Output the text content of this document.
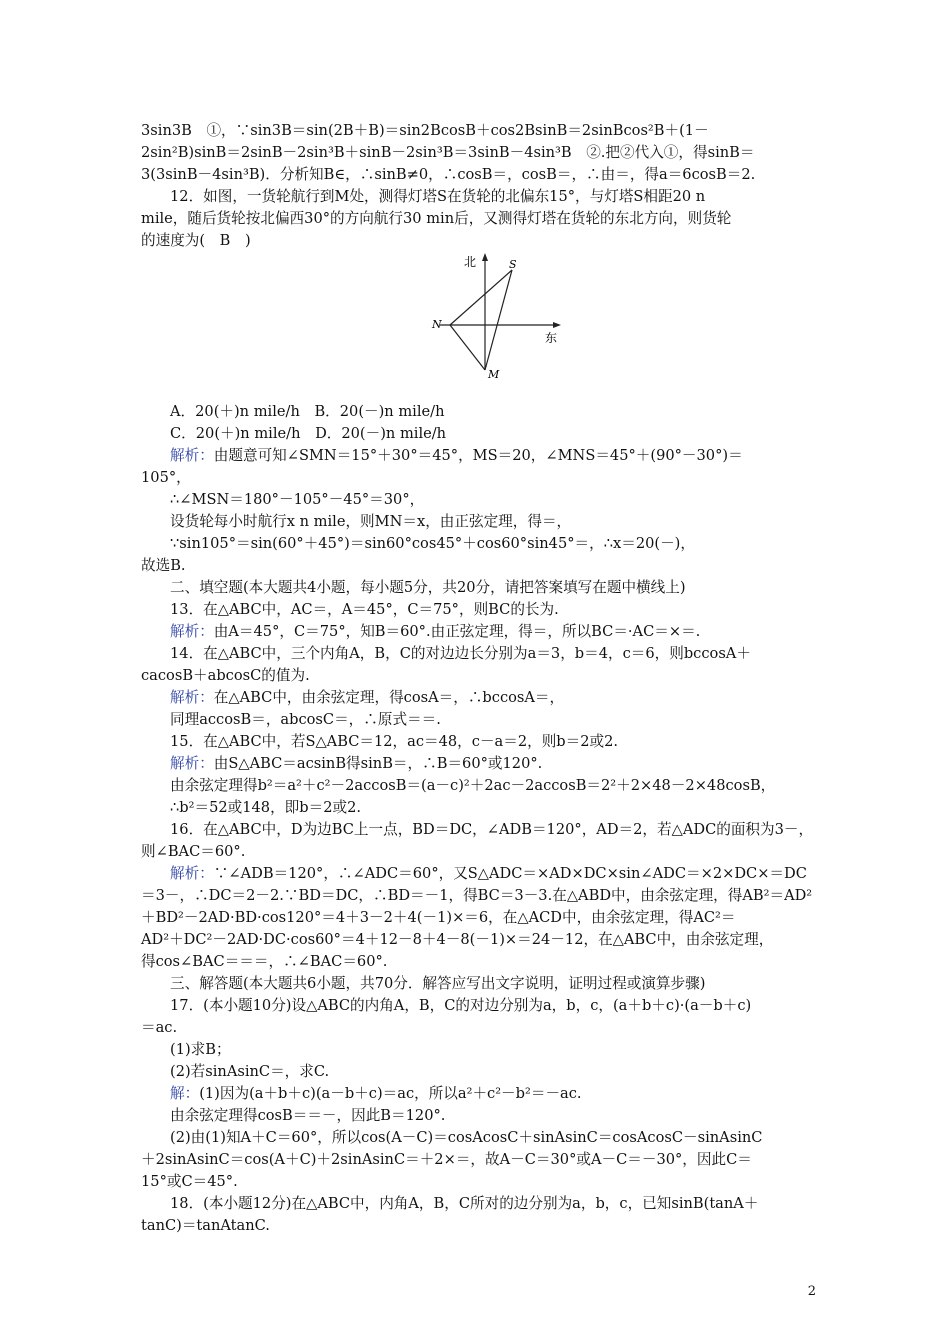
3sin3B　①，∵sin3B＝sin(2B＋B)＝sin2BcosB＋cos2BsinB＝2sinBcos²B＋(1－
2sin²B)sinB＝2sinB－2sin³B＋sinB－2sin³B＝3sinB－4sin³B　②.把②代入①，得sinB＝
3(3sinB－4sin³B)．分析知B∈，∴sinB≠0，∴cosB＝，cosB＝，∴由＝，得a＝6cosB＝2.
12．如图，一货轮航行到M处，测得灯塔S在货轮的北偏东15°，与灯塔S相距20 n
mile，随后货轮按北偏西30°的方向航行30 min后，又测得灯塔在货轮的东北方向，则货轮
的速度为(　B　)
A．20(＋)n mile/h　B．20(－)n mile/h
C．20(＋)n mile/h　D．20(－)n mile/h
解析：由题意可知∠SMN＝15°＋30°＝45°，MS＝20，∠MNS＝45°＋(90°－30°)＝
105°，
∴∠MSN＝180°－105°－45°＝30°，
设货轮每小时航行x n mile，则MN＝x，由正弦定理，得＝，
∵sin105°＝sin(60°＋45°)＝sin60°cos45°＋cos60°sin45°＝，∴x＝20(－)，
故选B.
二、填空题(本大题共4小题，每小题5分，共20分，请把答案填写在题中横线上)
13．在△ABC中，AC＝，A＝45°，C＝75°，则BC的长为.
解析：由A＝45°，C＝75°，知B＝60°.由正弦定理，得＝，所以BC＝·AC＝×＝.
14．在△ABC中，三个内角A，B，C的对边边长分别为a＝3，b＝4，c＝6，则bccosA＋
cacosB＋abcosC的值为.
解析：在△ABC中，由余弦定理，得cosA＝，∴bccosA＝，
同理accosB＝，abcosC＝，∴原式＝＝.
15．在△ABC中，若S△ABC＝12，ac＝48，c－a＝2，则b＝2或2.
解析：由S△ABC＝acsinB得sinB＝，∴B＝60°或120°.
由余弦定理得b²＝a²＋c²－2accosB＝(a－c)²＋2ac－2accosB＝2²＋2×48－2×48cosB，
∴b²＝52或148，即b＝2或2.
16．在△ABC中，D为边BC上一点，BD＝DC，∠ADB＝120°，AD＝2，若△ADC的面积为3－，
则∠BAC＝60°.
解析：∵∠ADB＝120°，∴∠ADC＝60°，又S△ADC＝×AD×DC×sin∠ADC＝×2×DC×＝DC
＝3－，∴DC＝2－2.∵BD＝DC，∴BD＝－1，得BC＝3－3.在△ABD中，由余弦定理，得AB²＝AD²
＋BD²－2AD·BD·cos120°＝4＋3－2＋4(－1)×＝6，在△ACD中，由余弦定理，得AC²＝
AD²＋DC²－2AD·DC·cos60°＝4＋12－8＋4－8(－1)×＝24－12，在△ABC中，由余弦定理，
得cos∠BAC＝＝＝，∴∠BAC＝60°.
三、解答题(本大题共6小题，共70分．解答应写出文字说明，证明过程或演算步骤)
17．(本小题10分)设△ABC的内角A，B，C的对边分别为a，b，c，(a＋b＋c)·(a－b＋c)
＝ac.
(1)求B；
(2)若sinAsinC＝，求C.
解：(1)因为(a＋b＋c)(a－b＋c)＝ac，所以a²＋c²－b²＝－ac.
由余弦定理得cosB＝＝－，因此B＝120°.
(2)由(1)知A＋C＝60°，所以cos(A－C)＝cosAcosC＋sinAsinC＝cosAcosC－sinAsinC
＋2sinAsinC＝cos(A＋C)＋2sinAsinC＝＋2×＝，故A－C＝30°或A－C＝－30°，因此C＝
15°或C＝45°.
18．(本小题12分)在△ABC中，内角A，B，C所对的边分别为a，b，c，已知sinB(tanA＋
tanC)＝tanAtanC.
北
东
S
N
M
2
